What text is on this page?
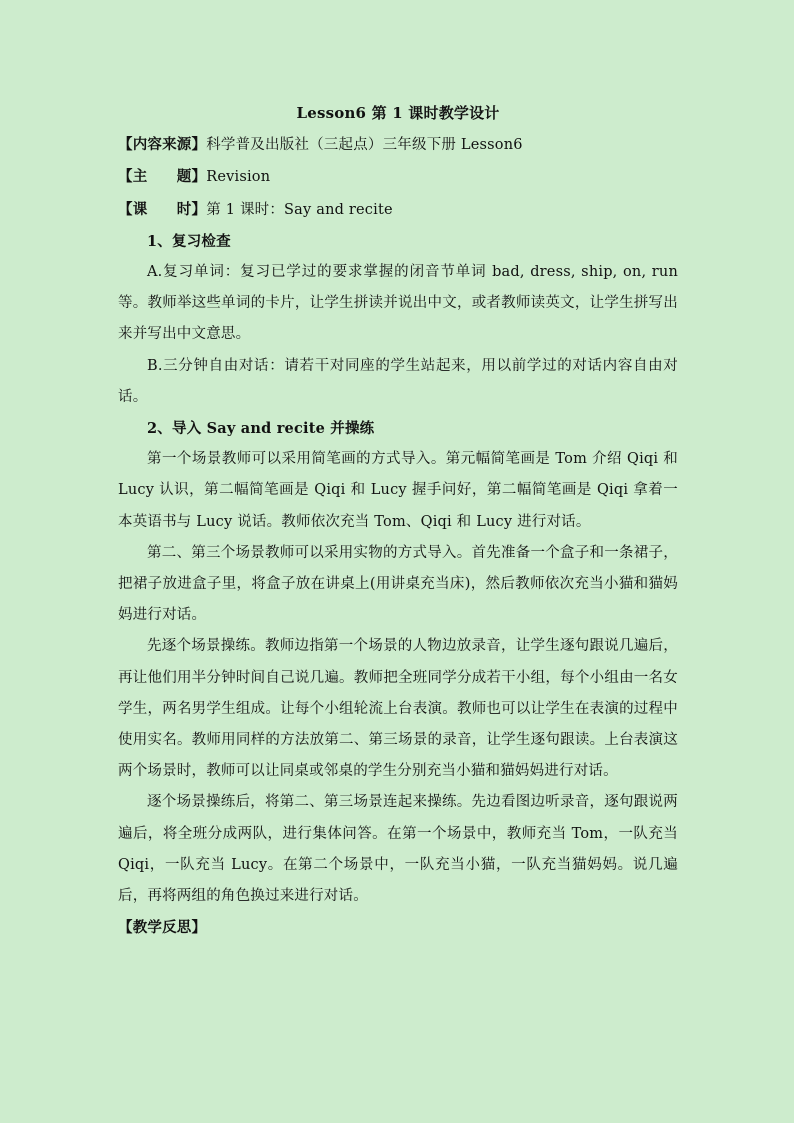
Lesson6 第 1 课时教学设计

【内容来源】科学普及出版社（三起点）三年级下册 Lesson6

【主　　题】Revision

【课　　时】第 1 课时：Say and recite

1、复习检查

A.复习单词：复习已学过的要求掌握的闭音节单词 bad, dress, ship, on, run 等。教师举这些单词的卡片，让学生拼读并说出中文，或者教师读英文，让学生拼写出来并写出中文意思。

B.三分钟自由对话：请若干对同座的学生站起来，用以前学过的对话内容自由对话。

2、导入 Say and recite 并操练

第一个场景教师可以采用简笔画的方式导入。第元幅简笔画是 Tom 介绍 Qiqi 和 Lucy 认识，第二幅简笔画是 Qiqi 和 Lucy 握手问好，第二幅简笔画是 Qiqi 拿着一本英语书与 Lucy 说话。教师依次充当 Tom、Qiqi 和 Lucy 进行对话。

第二、第三个场景教师可以采用实物的方式导入。首先准备一个盒子和一条裙子，把裙子放进盒子里，将盒子放在讲桌上(用讲桌充当床)，然后教师依次充当小猫和猫妈妈进行对话。

先逐个场景操练。教师边指第一个场景的人物边放录音，让学生逐句跟说几遍后，再让他们用半分钟时间自己说几遍。教师把全班同学分成若干小组，每个小组由一名女学生，两名男学生组成。让每个小组轮流上台表演。教师也可以让学生在表演的过程中使用实名。教师用同样的方法放第二、第三场景的录音，让学生逐句跟读。上台表演这两个场景时，教师可以让同桌或邻桌的学生分别充当小猫和猫妈妈进行对话。

逐个场景操练后，将第二、第三场景连起来操练。先边看图边听录音，逐句跟说两遍后，将全班分成两队，进行集体问答。在第一个场景中，教师充当 Tom，一队充当 Qiqi，一队充当 Lucy。在第二个场景中，一队充当小猫，一队充当猫妈妈。说几遍后，再将两组的角色换过来进行对话。

【教学反思】
